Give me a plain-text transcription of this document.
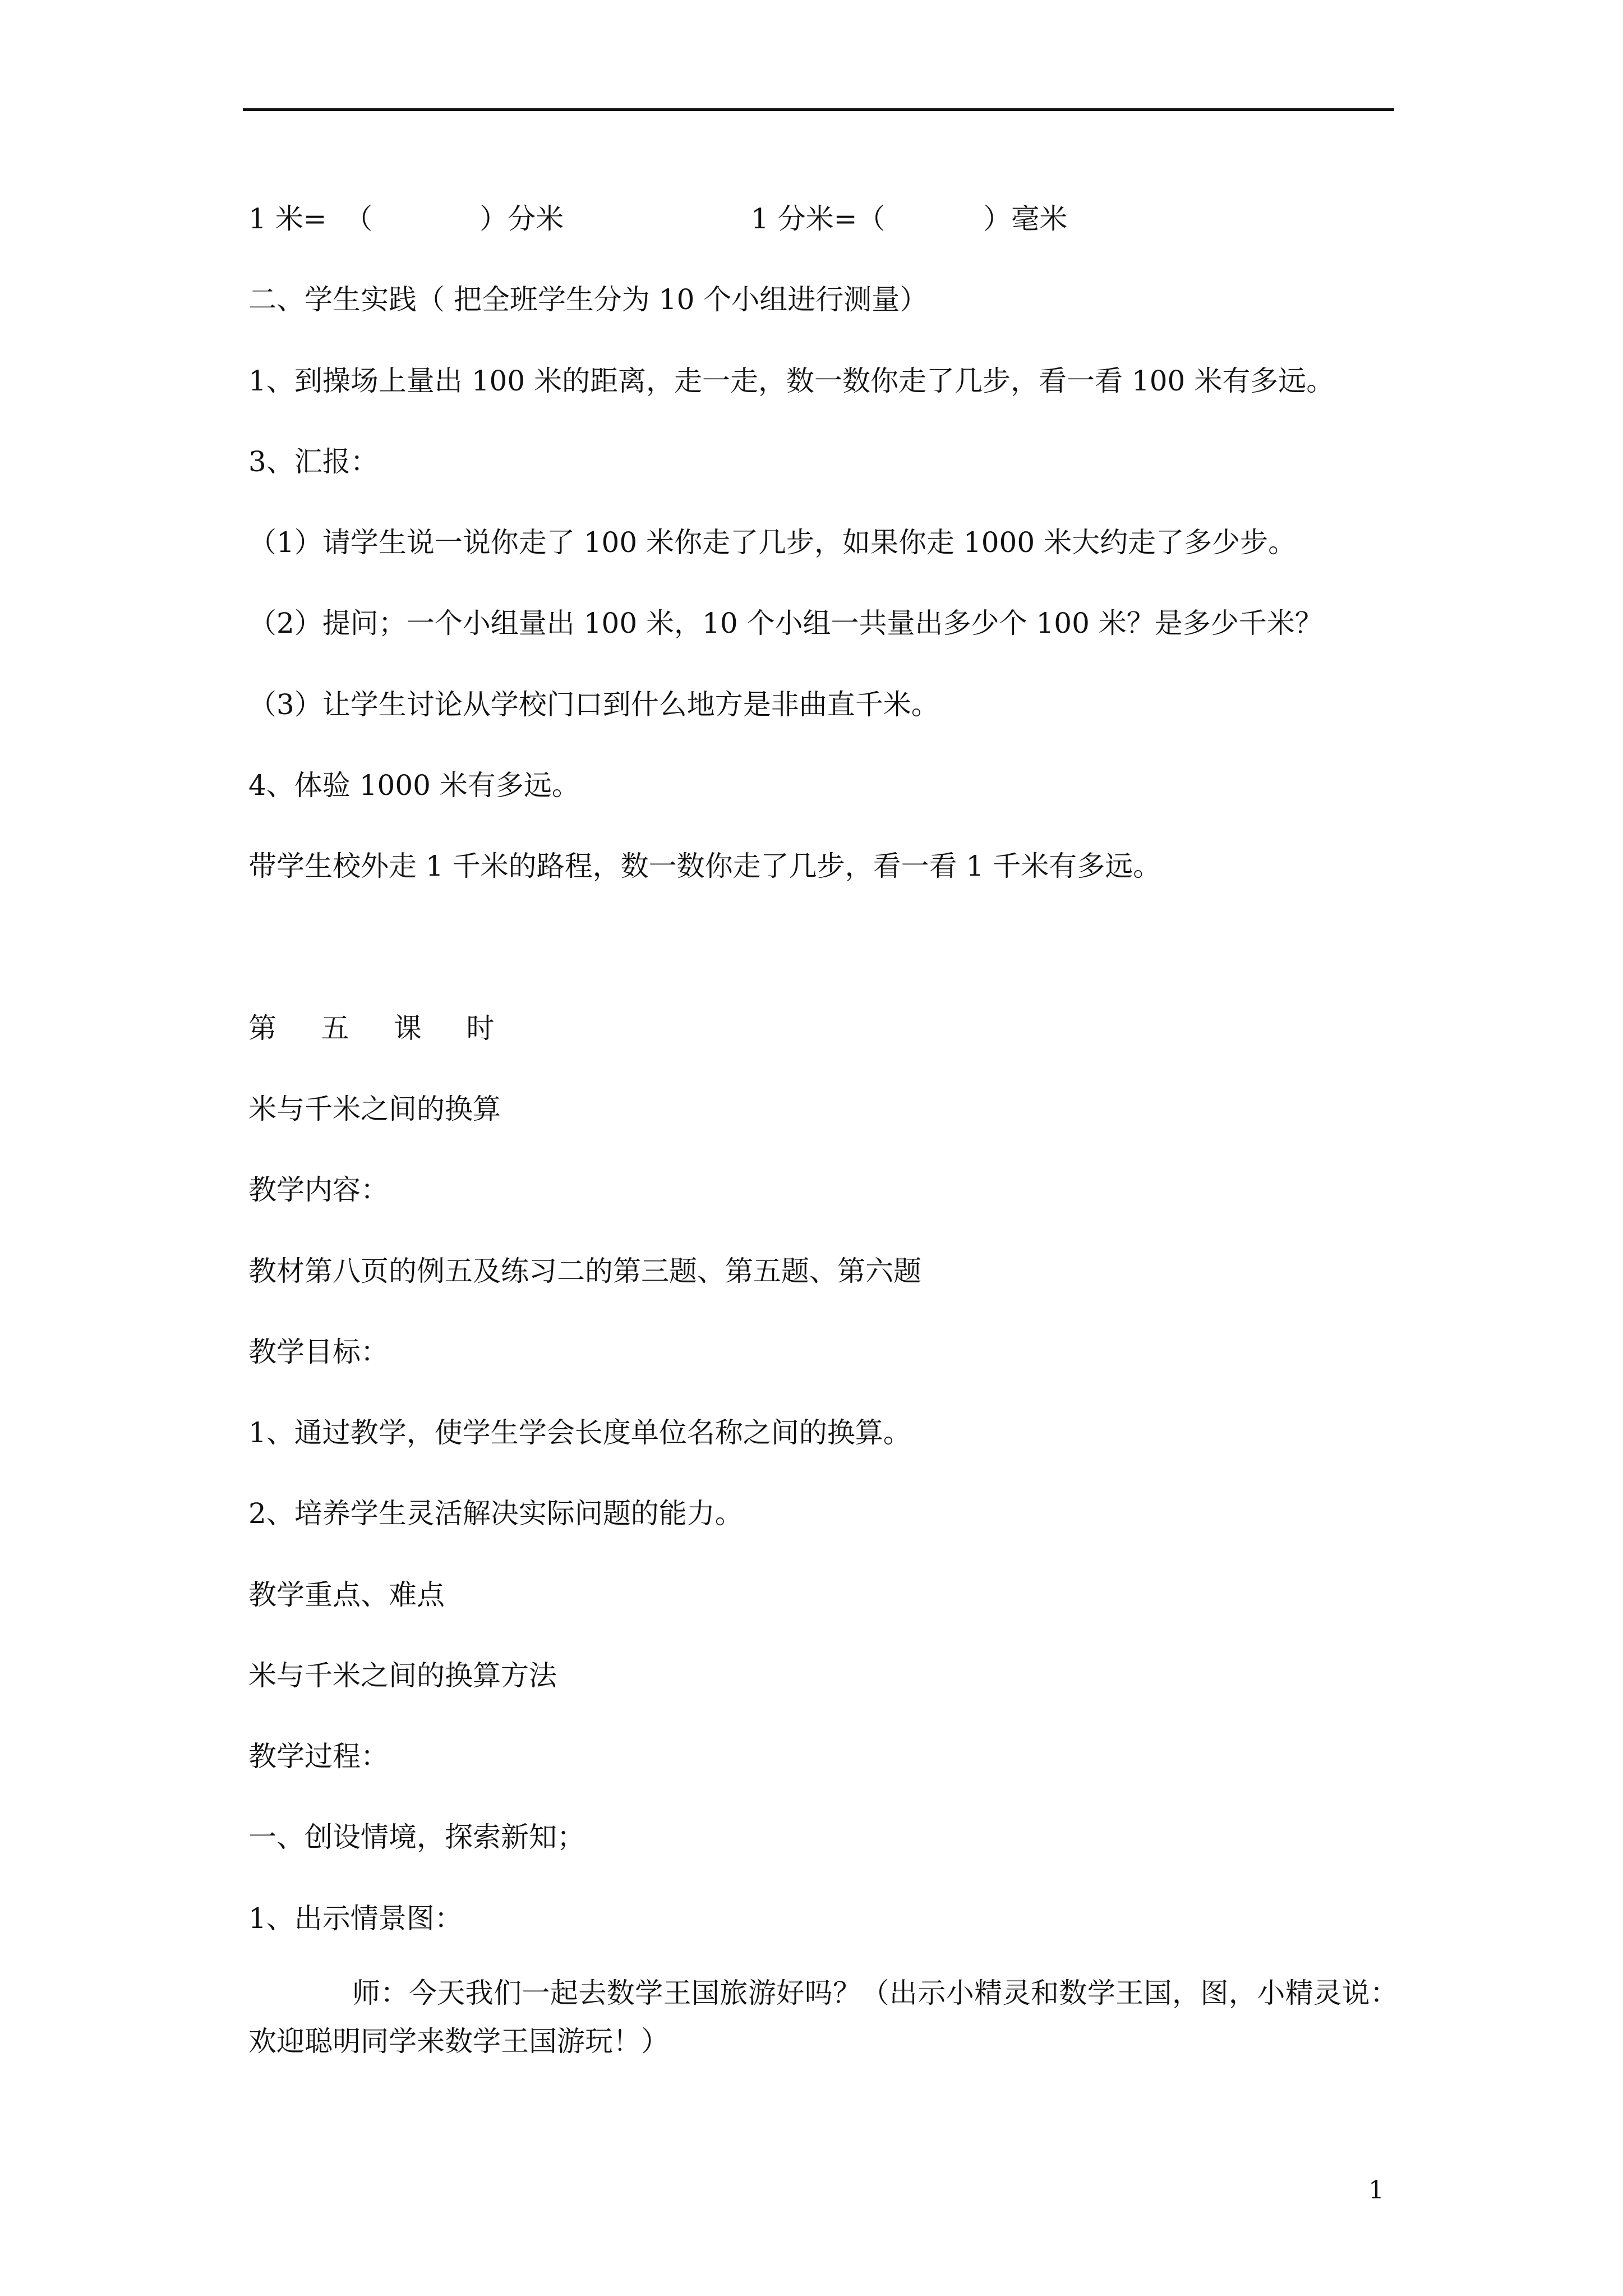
1 米=  （            ）分米                     1 分米=（           ）毫米
二、学生实践（ 把全班学生分为 10 个小组进行测量）
1、到操场上量出 100 米的距离，走一走，数一数你走了几步，看一看 100 米有多远。
3、汇报：
（1）请学生说一说你走了 100 米你走了几步，如果你走 1000 米大约走了多少步。
（2）提问；一个小组量出 100 米，10 个小组一共量出多少个 100 米？是多少千米？
（3）让学生讨论从学校门口到什么地方是非曲直千米。
4、体验 1000 米有多远。
带学生校外走 1 千米的路程，数一数你走了几步，看一看 1 千米有多远。
第     五     课     时
米与千米之间的换算
教学内容：
教材第八页的例五及练习二的第三题、第五题、第六题
教学目标：
1、通过教学，使学生学会长度单位名称之间的换算。
2、培养学生灵活解决实际问题的能力。
教学重点、难点
米与千米之间的换算方法
教学过程：
一、创设情境，探索新知；
1、出示情景图：
师：今天我们一起去数学王国旅游好吗？（出示小精灵和数学王国，图，小精灵说：欢迎聪明同学来数学王国游玩！）
1
